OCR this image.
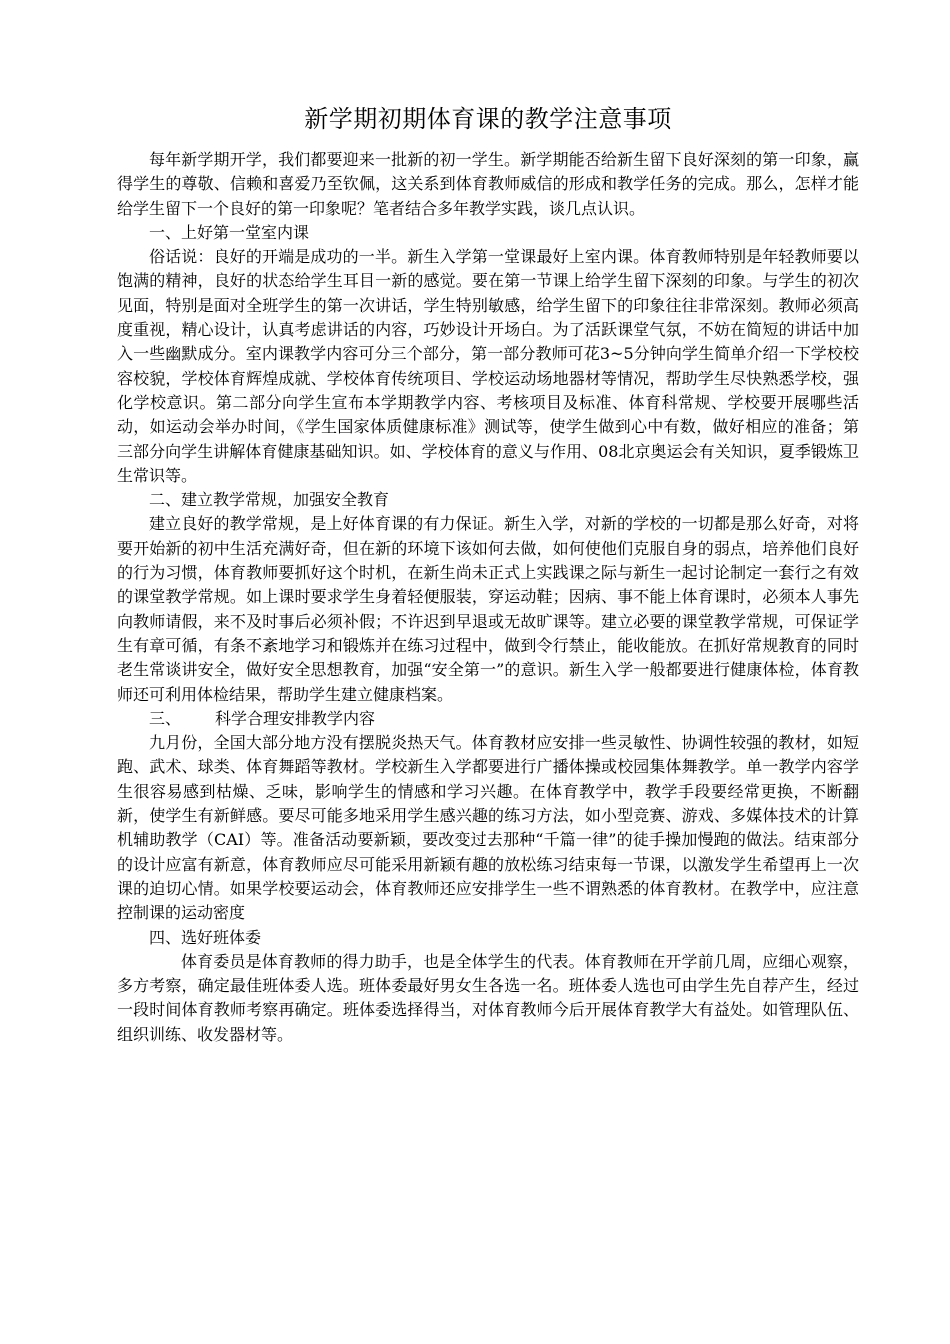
新学期初期体育课的教学注意事项

每年新学期开学，我们都要迎来一批新的初一学生。新学期能否给新生留下良好深刻的第一印象，赢得学生的尊敬、信赖和喜爱乃至钦佩，这关系到体育教师威信的形成和教学任务的完成。那么，怎样才能给学生留下一个良好的第一印象呢？笔者结合多年教学实践，谈几点认识。

一、上好第一堂室内课

俗话说：良好的开端是成功的一半。新生入学第一堂课最好上室内课。体育教师特别是年轻教师要以饱满的精神，良好的状态给学生耳目一新的感觉。要在第一节课上给学生留下深刻的印象。与学生的初次见面，特别是面对全班学生的第一次讲话，学生特别敏感，给学生留下的印象往往非常深刻。教师必须高度重视，精心设计，认真考虑讲话的内容，巧妙设计开场白。为了活跃课堂气氛，不妨在简短的讲话中加入一些幽默成分。室内课教学内容可分三个部分，第一部分教师可花3~5分钟向学生简单介绍一下学校校容校貌，学校体育辉煌成就、学校体育传统项目、学校运动场地器材等情况，帮助学生尽快熟悉学校，强化学校意识。第二部分向学生宣布本学期教学内容、考核项目及标准、体育科常规、学校要开展哪些活动，如运动会举办时间，《学生国家体质健康标准》测试等，使学生做到心中有数，做好相应的准备；第三部分向学生讲解体育健康基础知识。如、学校体育的意义与作用、08北京奥运会有关知识，夏季锻炼卫生常识等。

二、建立教学常规，加强安全教育

建立良好的教学常规，是上好体育课的有力保证。新生入学，对新的学校的一切都是那么好奇，对将要开始新的初中生活充满好奇，但在新的环境下该如何去做，如何使他们克服自身的弱点，培养他们良好的行为习惯，体育教师要抓好这个时机，在新生尚未正式上实践课之际与新生一起讨论制定一套行之有效的课堂教学常规。如上课时要求学生身着轻便服装，穿运动鞋；因病、事不能上体育课时，必须本人事先向教师请假，来不及时事后必须补假；不许迟到早退或无故旷课等。建立必要的课堂教学常规，可保证学生有章可循，有条不紊地学习和锻炼并在练习过程中，做到令行禁止，能收能放。在抓好常规教育的同时老生常谈讲安全，做好安全思想教育，加强“安全第一”的意识。新生入学一般都要进行健康体检，体育教师还可利用体检结果，帮助学生建立健康档案。

三、 科学合理安排教学内容

九月份，全国大部分地方没有摆脱炎热天气。体育教材应安排一些灵敏性、协调性较强的教材，如短跑、武术、球类、体育舞蹈等教材。学校新生入学都要进行广播体操或校园集体舞教学。单一教学内容学生很容易感到枯燥、乏味，影响学生的情感和学习兴趣。在体育教学中，教学手段要经常更换，不断翻新，使学生有新鲜感。要尽可能多地采用学生感兴趣的练习方法，如小型竞赛、游戏、多媒体技术的计算机辅助教学（CAI）等。准备活动要新颖，要改变过去那种“千篇一律”的徒手操加慢跑的做法。结束部分的设计应富有新意，体育教师应尽可能采用新颖有趣的放松练习结束每一节课，以激发学生希望再上一次课的迫切心情。如果学校要运动会，体育教师还应安排学生一些不谓熟悉的体育教材。在教学中，应注意控制课的运动密度

四、选好班体委

体育委员是体育教师的得力助手，也是全体学生的代表。体育教师在开学前几周，应细心观察，多方考察，确定最佳班体委人选。班体委最好男女生各选一名。班体委人选也可由学生先自荐产生，经过一段时间体育教师考察再确定。班体委选择得当，对体育教师今后开展体育教学大有益处。如管理队伍、组织训练、收发器材等。
